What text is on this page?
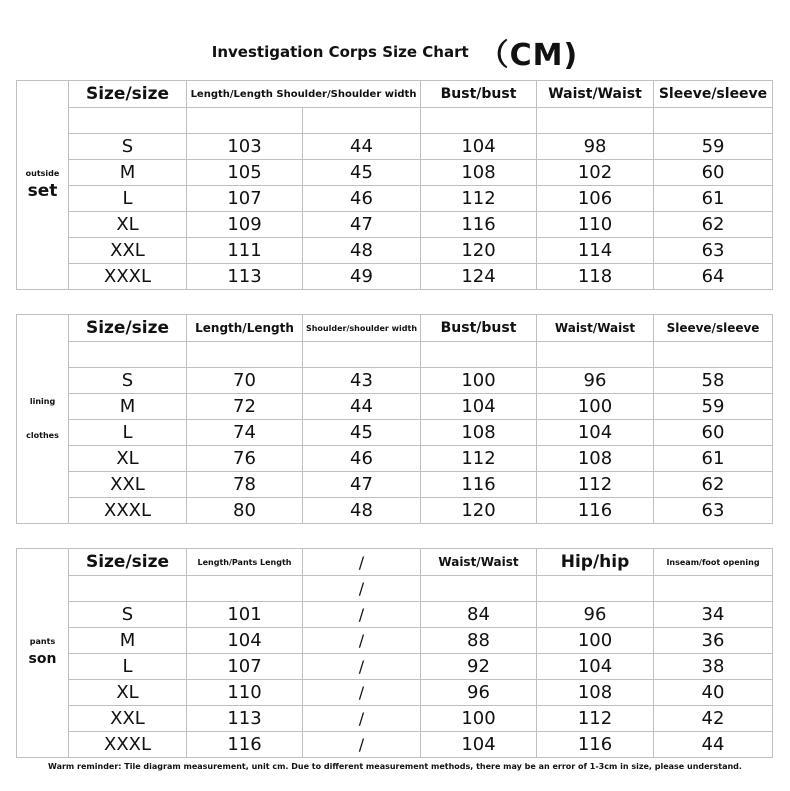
Investigation Corps Size Chart （CM)
outside
set	Size/size	Length/Length Shoulder/Shoulder width		Bust/bust	Waist/Waist	Sleeve/sleeve

	S	103	44	104	98	59
	M	105	45	108	102	60
	L	107	46	112	106	61
	XL	109	47	116	110	62
	XXL	111	48	120	114	63
	XXXL	113	49	124	118	64
lining
clothes	Size/size	Length/Length	Shoulder/shoulder width	Bust/bust	Waist/Waist	Sleeve/sleeve

	S	70	43	100	96	58
	M	72	44	104	100	59
	L	74	45	108	104	60
	XL	76	46	112	108	61
	XXL	78	47	116	112	62
	XXXL	80	48	120	116	63
pants
son	Size/size	Length/Pants Length	/	Waist/Waist	Hip/hip	Inseam/foot opening
			/			
	S	101	/	84	96	34
	M	104	/	88	100	36
	L	107	/	92	104	38
	XL	110	/	96	108	40
	XXL	113	/	100	112	42
	XXXL	116	/	104	116	44
Warm reminder: Tile diagram measurement, unit cm. Due to different measurement methods, there may be an error of 1-3cm in size, please understand.
